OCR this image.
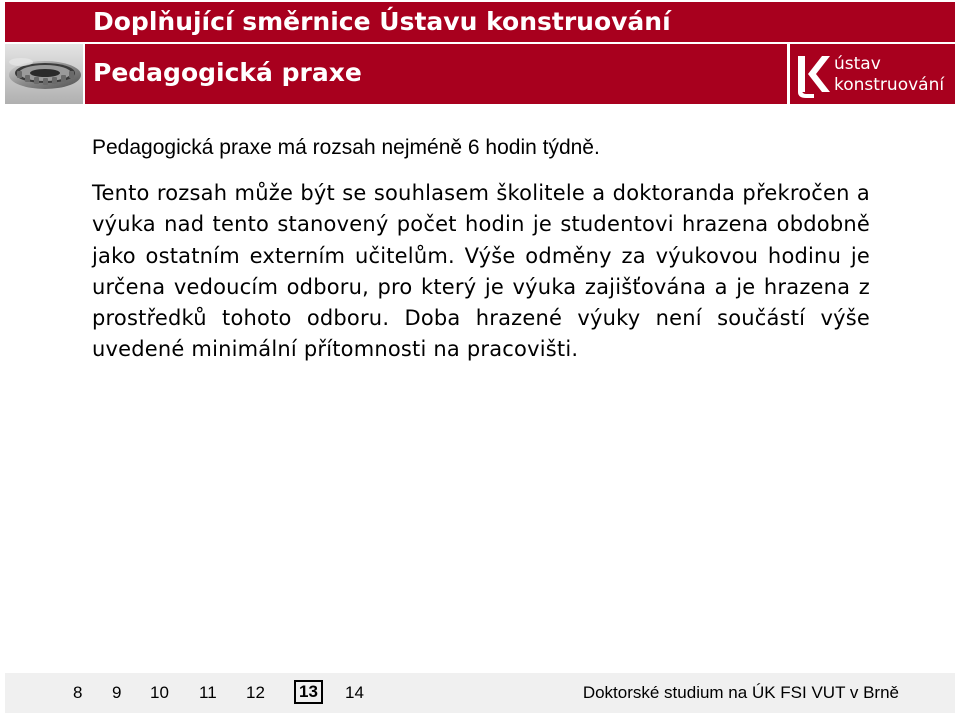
Doplňující směrnice Ústavu konstruování
Pedagogická praxe	ústav
konstruování

Pedagogická praxe má rozsah nejméně 6 hodin týdně.

Tento rozsah může být se souhlasem školitele a doktoranda překročen a výuka nad tento stanovený počet hodin je studentovi hrazena obdobně jako ostatním externím učitelům. Výše odměny za výukovou hodinu je určena vedoucím odboru, pro který je výuka zajišťována a je hrazena z prostředků tohoto odboru. Doba hrazené výuky není součástí výše uvedené minimální přítomnosti na pracovišti.

8 9 10 11 12 13 14	Doktorské studium na ÚK FSI VUT v Brně
